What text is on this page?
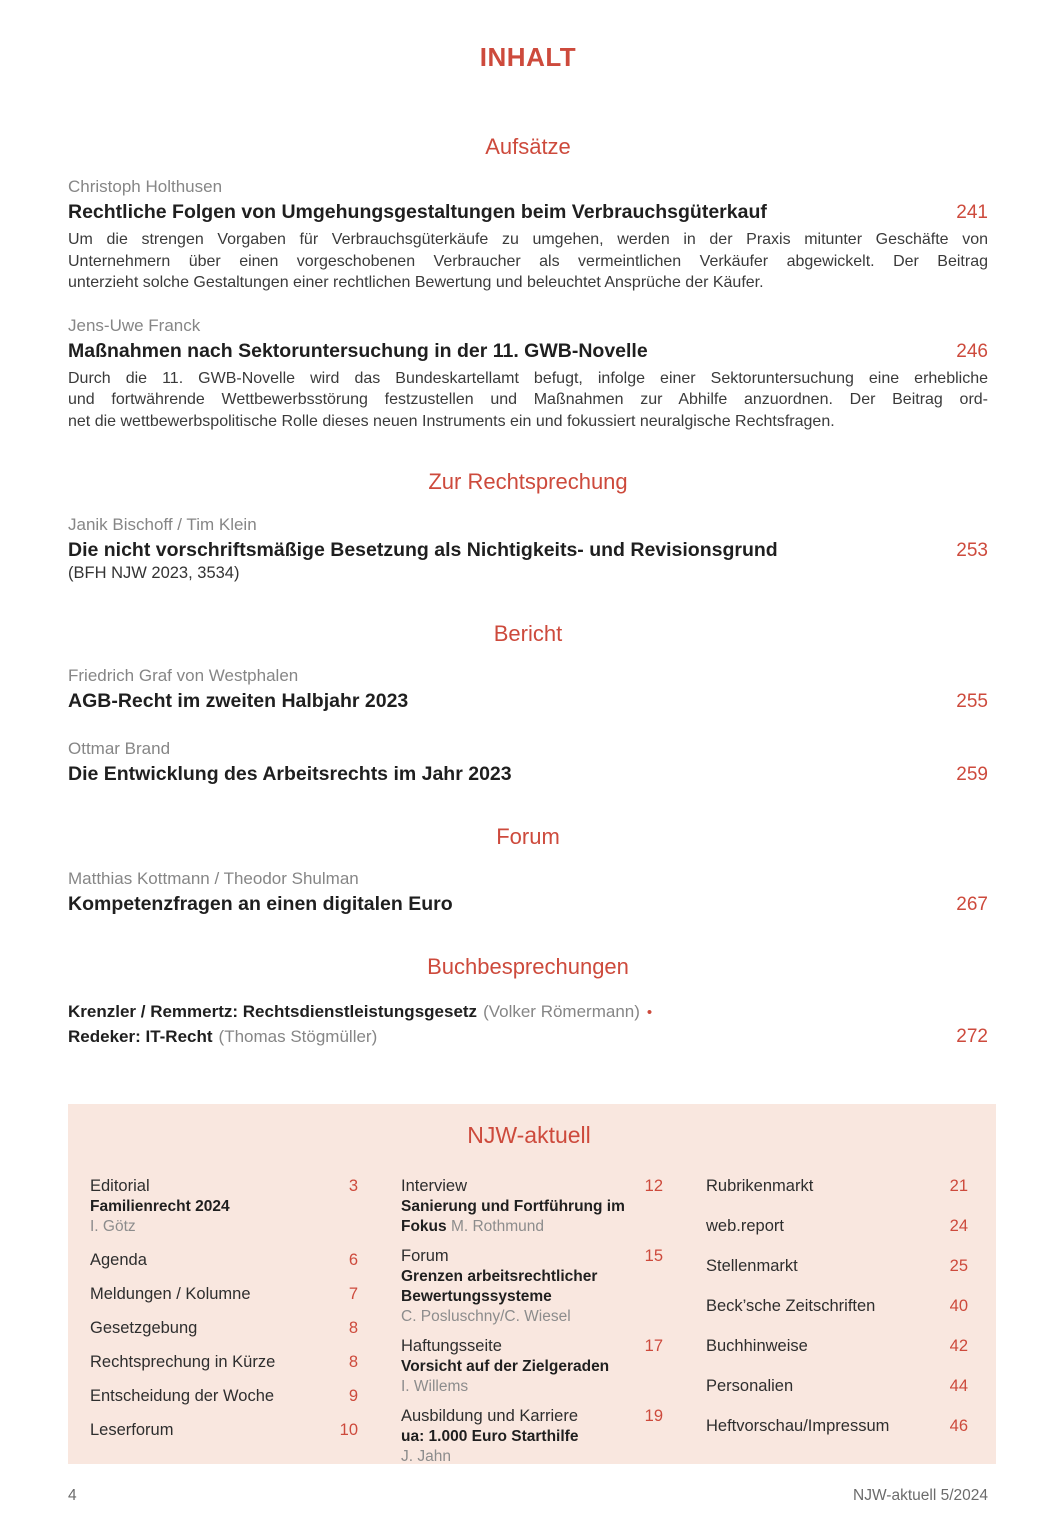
INHALT
Aufsätze
Christoph Holthusen
Rechtliche Folgen von Umgehungsgestaltungen beim Verbrauchsgüterkauf	241
Um die strengen Vorgaben für Verbrauchsgüterkäufe zu umgehen, werden in der Praxis mitunter Geschäfte von
Unternehmern über einen vorgeschobenen Verbraucher als vermeintlichen Verkäufer abgewickelt. Der Beitrag
unterzieht solche Gestaltungen einer rechtlichen Bewertung und beleuchtet Ansprüche der Käufer.
Jens-Uwe Franck
Maßnahmen nach Sektoruntersuchung in der 11. GWB-Novelle	246
Durch die 11. GWB-Novelle wird das Bundeskartellamt befugt, infolge einer Sektoruntersuchung eine erhebliche
und fortwährende Wettbewerbsstörung festzustellen und Maßnahmen zur Abhilfe anzuordnen. Der Beitrag ord-
net die wettbewerbspolitische Rolle dieses neuen Instruments ein und fokussiert neuralgische Rechtsfragen.
Zur Rechtsprechung
Janik Bischoff / Tim Klein
Die nicht vorschriftsmäßige Besetzung als Nichtigkeits- und Revisionsgrund	253
(BFH NJW 2023, 3534)
Bericht
Friedrich Graf von Westphalen
AGB-Recht im zweiten Halbjahr 2023	255
Ottmar Brand
Die Entwicklung des Arbeitsrechts im Jahr 2023	259
Forum
Matthias Kottmann / Theodor Shulman
Kompetenzfragen an einen digitalen Euro	267
Buchbesprechungen
Krenzler / Remmertz: Rechtsdienstleistungsgesetz (Volker Römermann) •
Redeker: IT-Recht (Thomas Stögmüller)	272
NJW-aktuell
Editorial	3
Familienrecht 2024
I. Götz
Agenda	6
Meldungen / Kolumne	7
Gesetzgebung	8
Rechtsprechung in Kürze	8
Entscheidung der Woche	9
Leserforum	10
Interview	12
Sanierung und Fortführung im Fokus M. Rothmund
Forum	15
Grenzen arbeitsrechtlicher Bewertungssysteme
C. Posluschny/C. Wiesel
Haftungsseite	17
Vorsicht auf der Zielgeraden
I. Willems
Ausbildung und Karriere	19
ua: 1.000 Euro Starthilfe
J. Jahn
Rubrikenmarkt	21
web.report	24
Stellenmarkt	25
Beck’sche Zeitschriften	40
Buchhinweise	42
Personalien	44
Heftvorschau/Impressum	46
4	NJW-aktuell 5/2024
